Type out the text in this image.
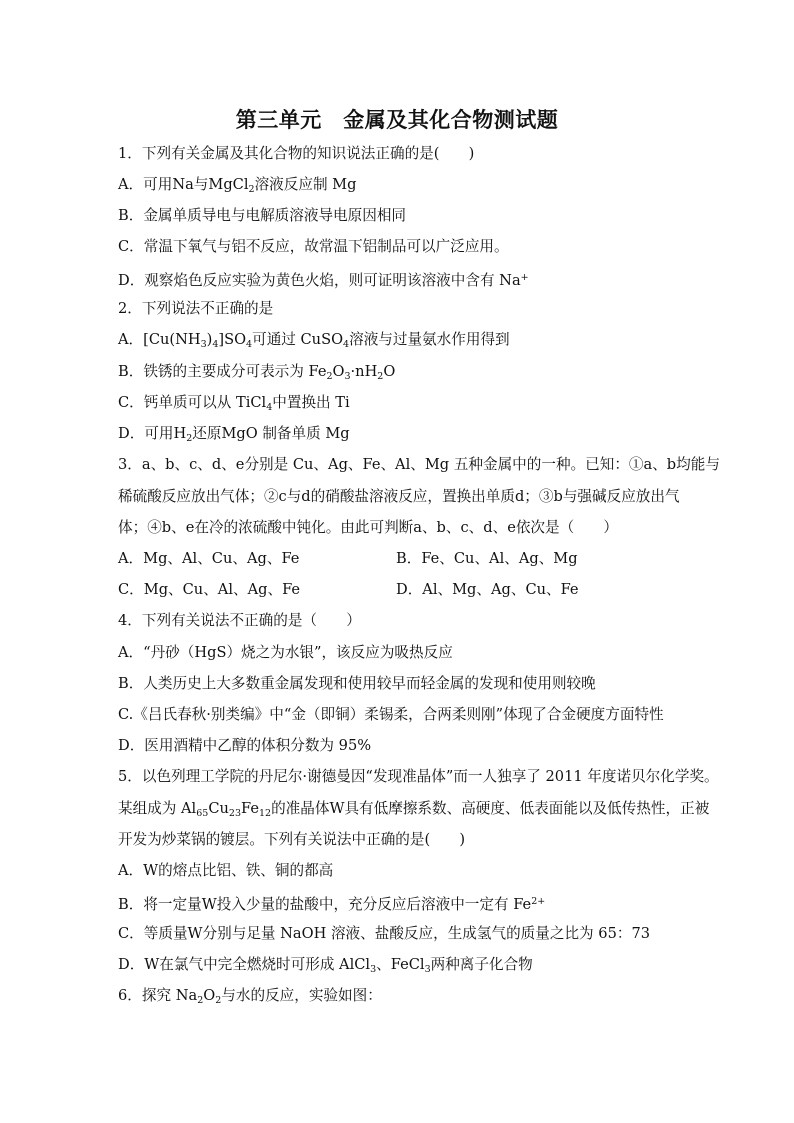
第三单元　金属及其化合物测试题
1．下列有关金属及其化合物的知识说法正确的是(　　)
A．可用Na与MgCl$_2$溶液反应制 Mg
B．金属单质导电与电解质溶液导电原因相同
C．常温下氧气与铝不反应，故常温下铝制品可以广泛应用。
D．观察焰色反应实验为黄色火焰，则可证明该溶液中含有 Na+
2．下列说法不正确的是
A．$[Cu(NH_3)_4]SO_4$可通过 CuSO$_4$溶液与过量氨水作用得到
B．铁锈的主要成分可表示为 $Fe_2O_3\cdot nH_2O$
C．钙单质可以从 TiCl$_4$中置换出 Ti
D．可用$H_2$还原MgO 制备单质 Mg
3．a、b、c、d、e分别是 Cu、Ag、Fe、Al、Mg 五种金属中的一种。已知：①a、b均能与
稀硫酸反应放出气体；②c与d的硝酸盐溶液反应，置换出单质d；③b与强碱反应放出气
体；④b、e在冷的浓硫酸中钝化。由此可判断a、b、c、d、e依次是（　　）
A．Mg、Al、Cu、Ag、Fe	B．Fe、Cu、Al、Ag、Mg
C．Mg、Cu、Al、Ag、Fe	D．Al、Mg、Ag、Cu、Fe
4．下列有关说法不正确的是（　　）
A．“丹砂（HgS）烧之为水银”，该反应为吸热反应
B．人类历史上大多数重金属发现和使用较早而轻金属的发现和使用则较晚
C.《吕氏春秋·别类编》中“金（即铜）柔锡柔，合两柔则刚”体现了合金硬度方面特性
D．医用酒精中乙醇的体积分数为 95%
5．以色列理工学院的丹尼尔·谢德曼因“发现准晶体”而一人独享了 2011 年度诺贝尔化学奖。
某组成为 $Al_{65}Cu_{23}Fe_{12}$的准晶体W具有低摩擦系数、高硬度、低表面能以及低传热性，正被
开发为炒菜锅的镀层。下列有关说法中正确的是(　　)
A．W的熔点比铝、铁、铜的都高
B．将一定量W投入少量的盐酸中，充分反应后溶液中一定有 $Fe^{2+}$
C．等质量W分别与足量 NaOH 溶液、盐酸反应，生成氢气的质量之比为 65：73
D．W在氯气中完全燃烧时可形成 AlCl$_3$、FeCl$_3$两种离子化合物
6．探究 $Na_2O_2$与水的反应，实验如图：
